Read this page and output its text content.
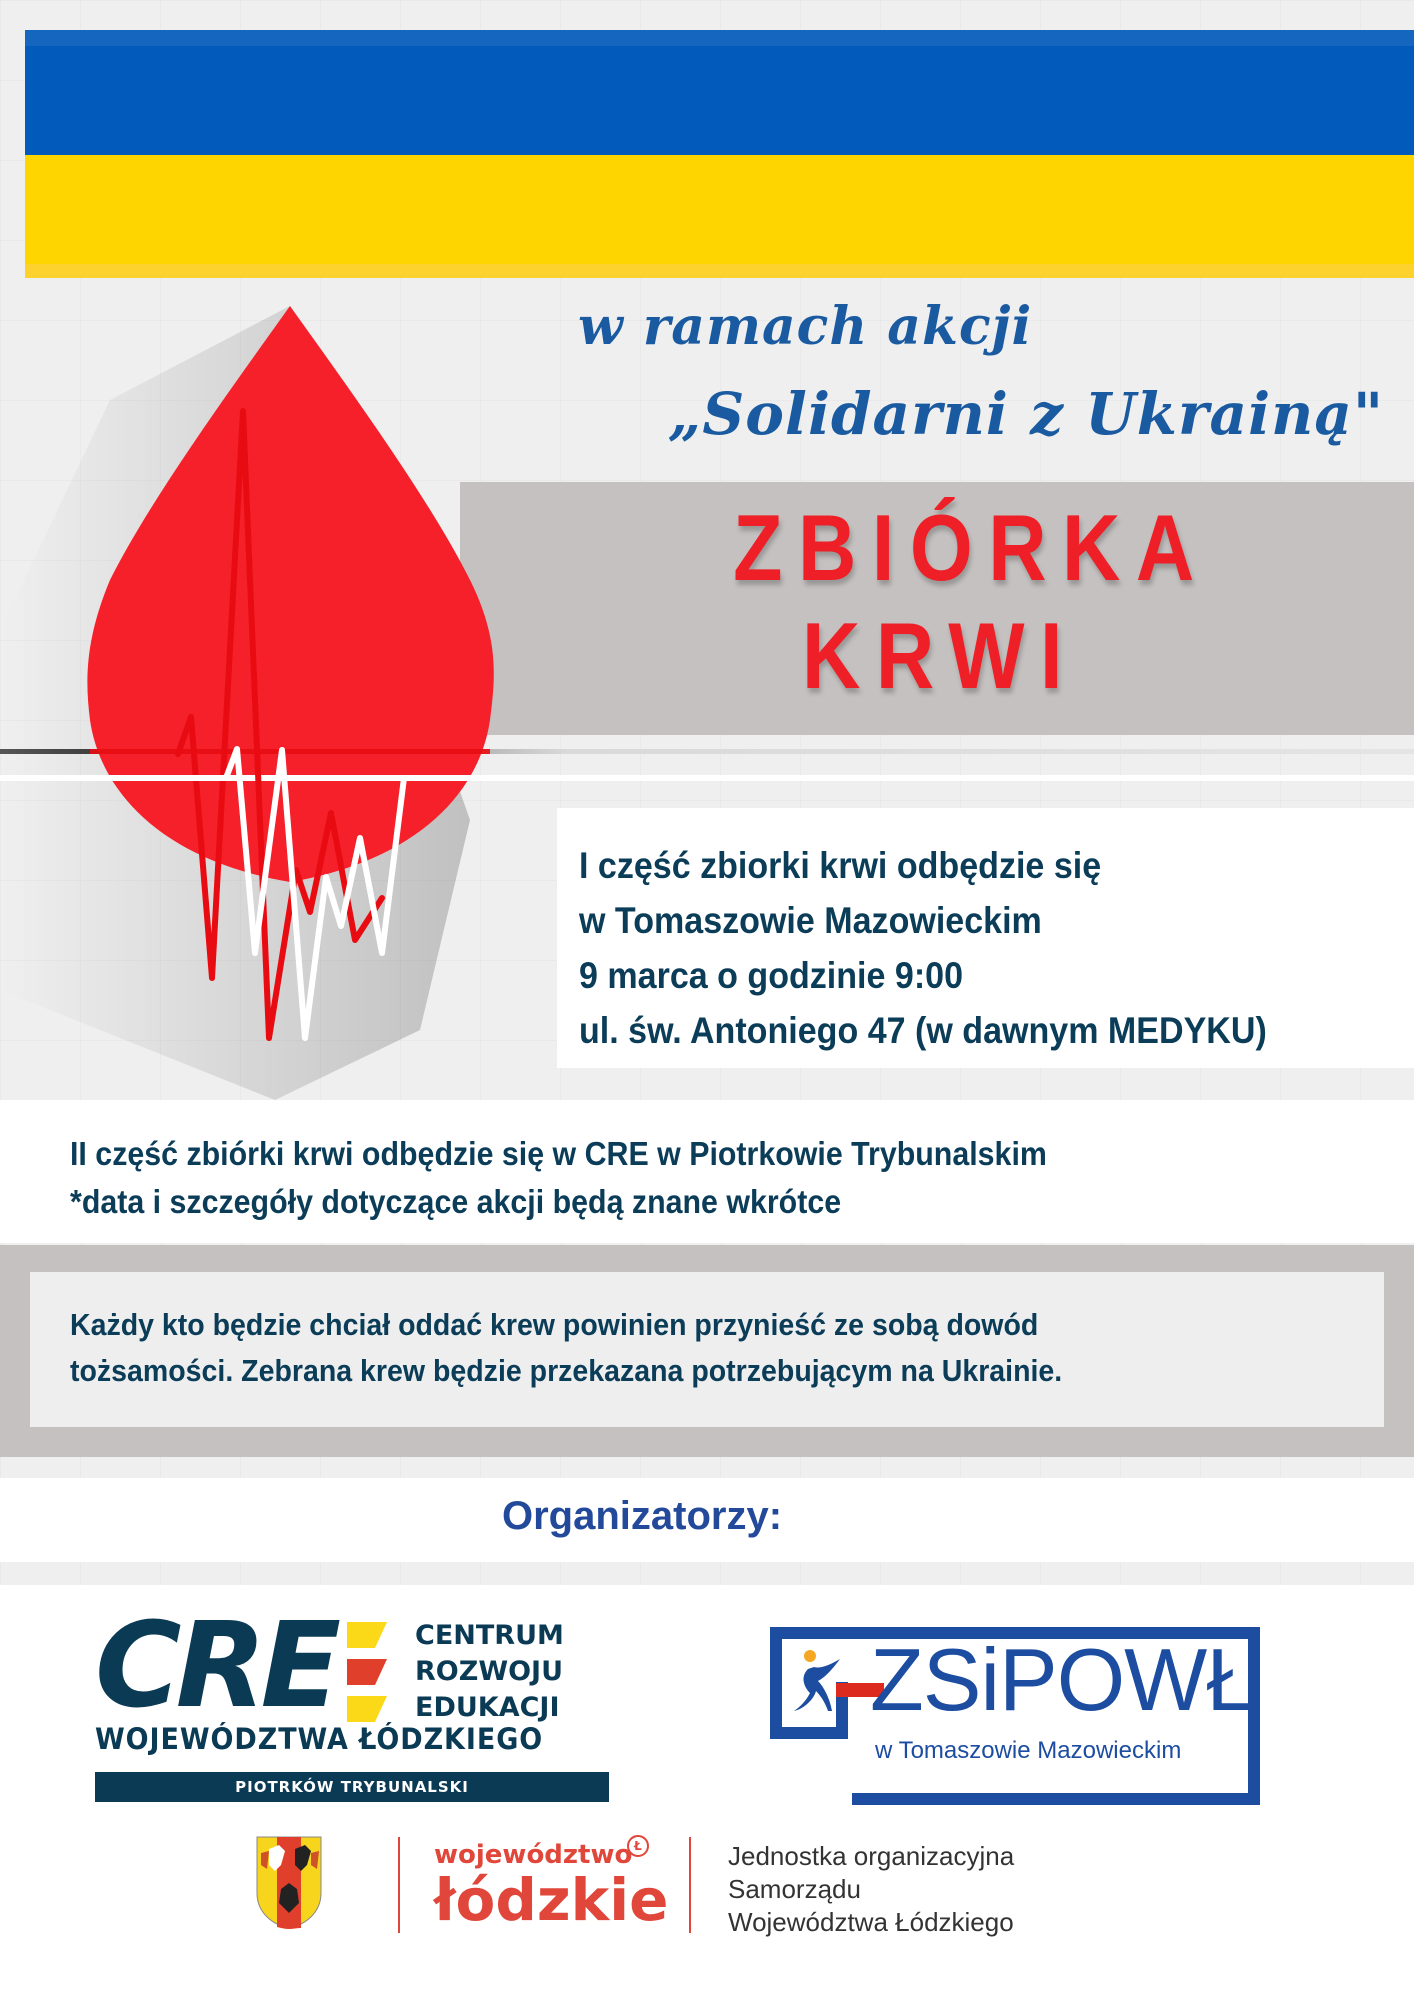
w ramach akcji
„Solidarni z Ukrainą"
ZBIÓRKA
KRWI
I część zbiorki krwi odbędzie się
w Tomaszowie Mazowieckim
9 marca o godzinie 9:00
ul. św. Antoniego 47 (w dawnym MEDYKU)
II część zbiórki krwi odbędzie się w CRE w Piotrkowie Trybunalskim
*data i szczegóły dotyczące akcji będą znane wkrótce
Każdy kto będzie chciał oddać krew powinien przynieść ze sobą dowód
tożsamości. Zebrana krew będzie przekazana potrzebującym na Ukrainie.
Organizatorzy:
CRE	CENTRUM
ROZWOJU
EDUKACJI
WOJEWÓDZTWA ŁÓDZKIEGO
PIOTRKÓW TRYBUNALSKI
ZSiPOWŁ
w Tomaszowie Mazowieckim
województwo
łódzkie
Ł	Jednostka organizacyjna
Samorządu
Województwa Łódzkiego
